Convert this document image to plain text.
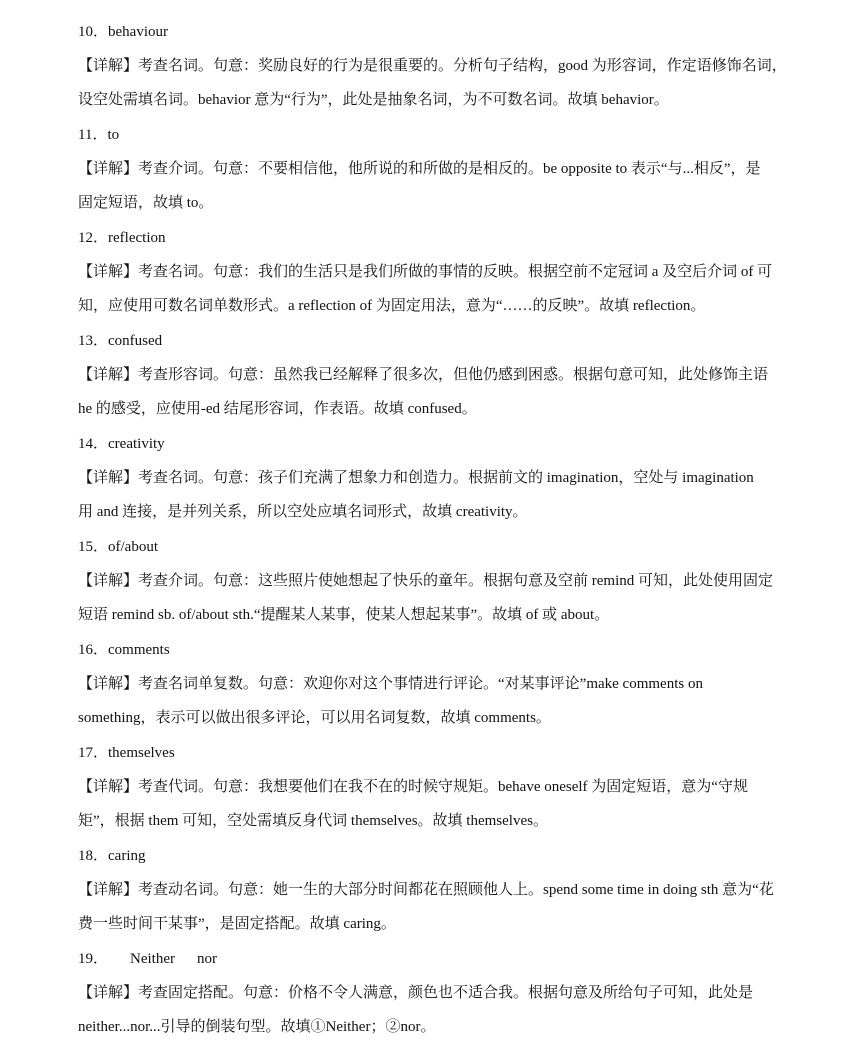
10．behaviour
【详解】考查名词。句意：奖励良好的行为是很重要的。分析句子结构，good 为形容词，作定语修饰名词，
设空处需填名词。behavior 意为“行为”，此处是抽象名词，为不可数名词。故填 behavior。
11．to
【详解】考查介词。句意：不要相信他，他所说的和所做的是相反的。be opposite to 表示“与...相反”，是
固定短语，故填 to。
12．reflection
【详解】考查名词。句意：我们的生活只是我们所做的事情的反映。根据空前不定冠词 a 及空后介词 of 可
知，应使用可数名词单数形式。a reflection of 为固定用法，意为“……的反映”。故填 reflection。
13．confused
【详解】考查形容词。句意：虽然我已经解释了很多次，但他仍感到困惑。根据句意可知，此处修饰主语
he 的感受，应使用-ed 结尾形容词，作表语。故填 confused。
14．creativity
【详解】考查名词。句意：孩子们充满了想象力和创造力。根据前文的 imagination，空处与 imagination
用 and 连接，是并列关系，所以空处应填名词形式，故填 creativity。
15．of/about
【详解】考查介词。句意：这些照片使她想起了快乐的童年。根据句意及空前 remind 可知，此处使用固定
短语 remind sb. of/about sth.“提醒某人某事，使某人想起某事”。故填 of 或 about。
16．comments
【详解】考查名词单复数。句意：欢迎你对这个事情进行评论。“对某事评论”make comments on
something，表示可以做出很多评论，可以用名词复数，故填 comments。
17．themselves
【详解】考查代词。句意：我想要他们在我不在的时候守规矩。behave oneself 为固定短语，意为“守规
矩”，根据 them 可知，空处需填反身代词 themselves。故填 themselves。
18．caring
【详解】考查动名词。句意：她一生的大部分时间都花在照顾他人上。spend some time in doing sth 意为“花
费一些时间干某事”，是固定搭配。故填 caring。
19． Neither nor
【详解】考查固定搭配。句意：价格不令人满意，颜色也不适合我。根据句意及所给句子可知，此处是
neither...nor...引导的倒装句型。故填①Neither；②nor。
